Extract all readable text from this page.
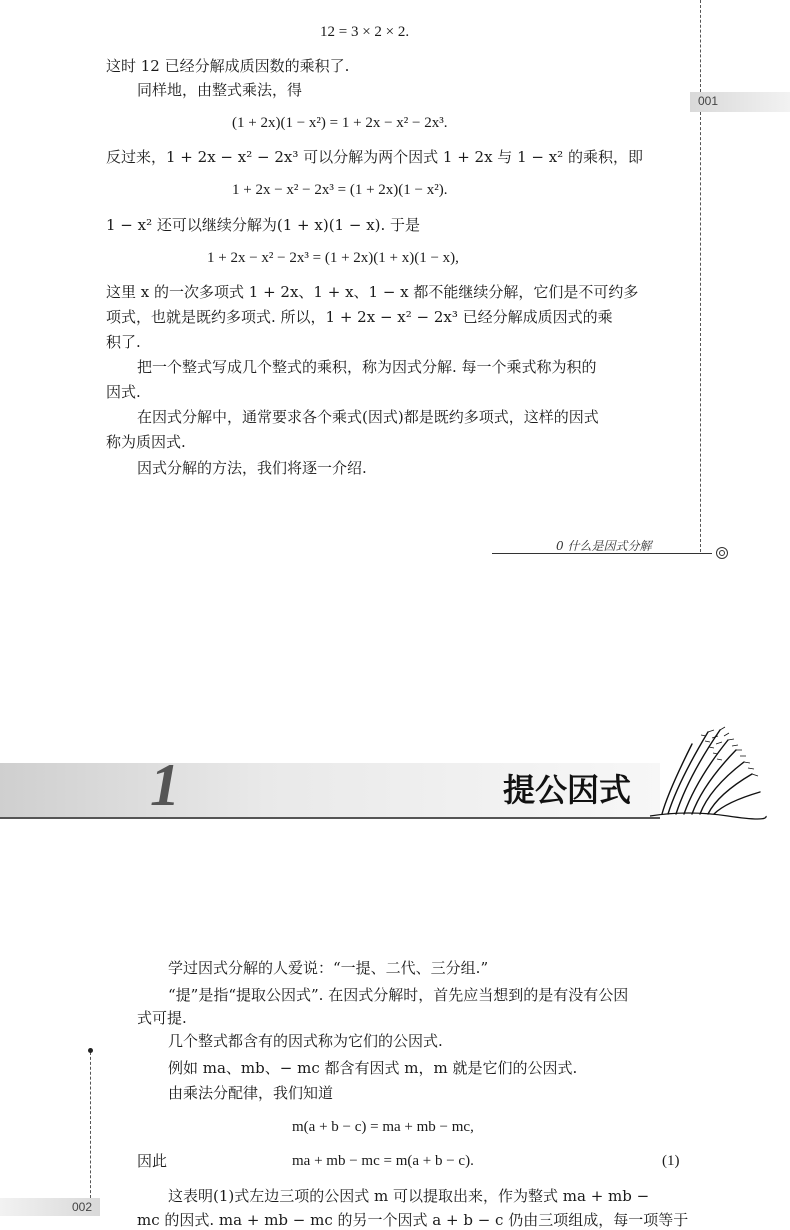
12 = 3 × 2 × 2.
这时 12 已经分解成质因数的乘积了.
同样地，由整式乘法，得
(1 + 2x)(1 − x²) = 1 + 2x − x² − 2x³.
反过来，1 + 2x − x² − 2x³ 可以分解为两个因式 1 + 2x 与 1 − x² 的乘积，即
1 + 2x − x² − 2x³ = (1 + 2x)(1 − x²).
1 − x² 还可以继续分解为(1 + x)(1 − x). 于是
1 + 2x − x² − 2x³ = (1 + 2x)(1 + x)(1 − x),
这里 x 的一次多项式 1 + 2x、1 + x、1 − x 都不能继续分解，它们是不可约多
项式，也就是既约多项式. 所以，1 + 2x − x² − 2x³ 已经分解成质因式的乘
积了.
把一个整式写成几个整式的乘积，称为因式分解. 每一个乘式称为积的
因式.
在因式分解中，通常要求各个乘式(因式)都是既约多项式，这样的因式
称为质因式.
因式分解的方法，我们将逐一介绍.
001
0 什么是因式分解
1	提公因式
002
学过因式分解的人爱说：“一提、二代、三分组.”
“提”是指“提取公因式”. 在因式分解时，首先应当想到的是有没有公因
式可提.
几个整式都含有的因式称为它们的公因式.
例如 ma、mb、− mc 都含有因式 m，m 就是它们的公因式.
由乘法分配律，我们知道
m(a + b − c) = ma + mb − mc,
因此	ma + mb − mc = m(a + b − c).	(1)
这表明(1)式左边三项的公因式 m 可以提取出来，作为整式 ma + mb −
mc 的因式. ma + mb − mc 的另一个因式 a + b − c 仍由三项组成，每一项等于
